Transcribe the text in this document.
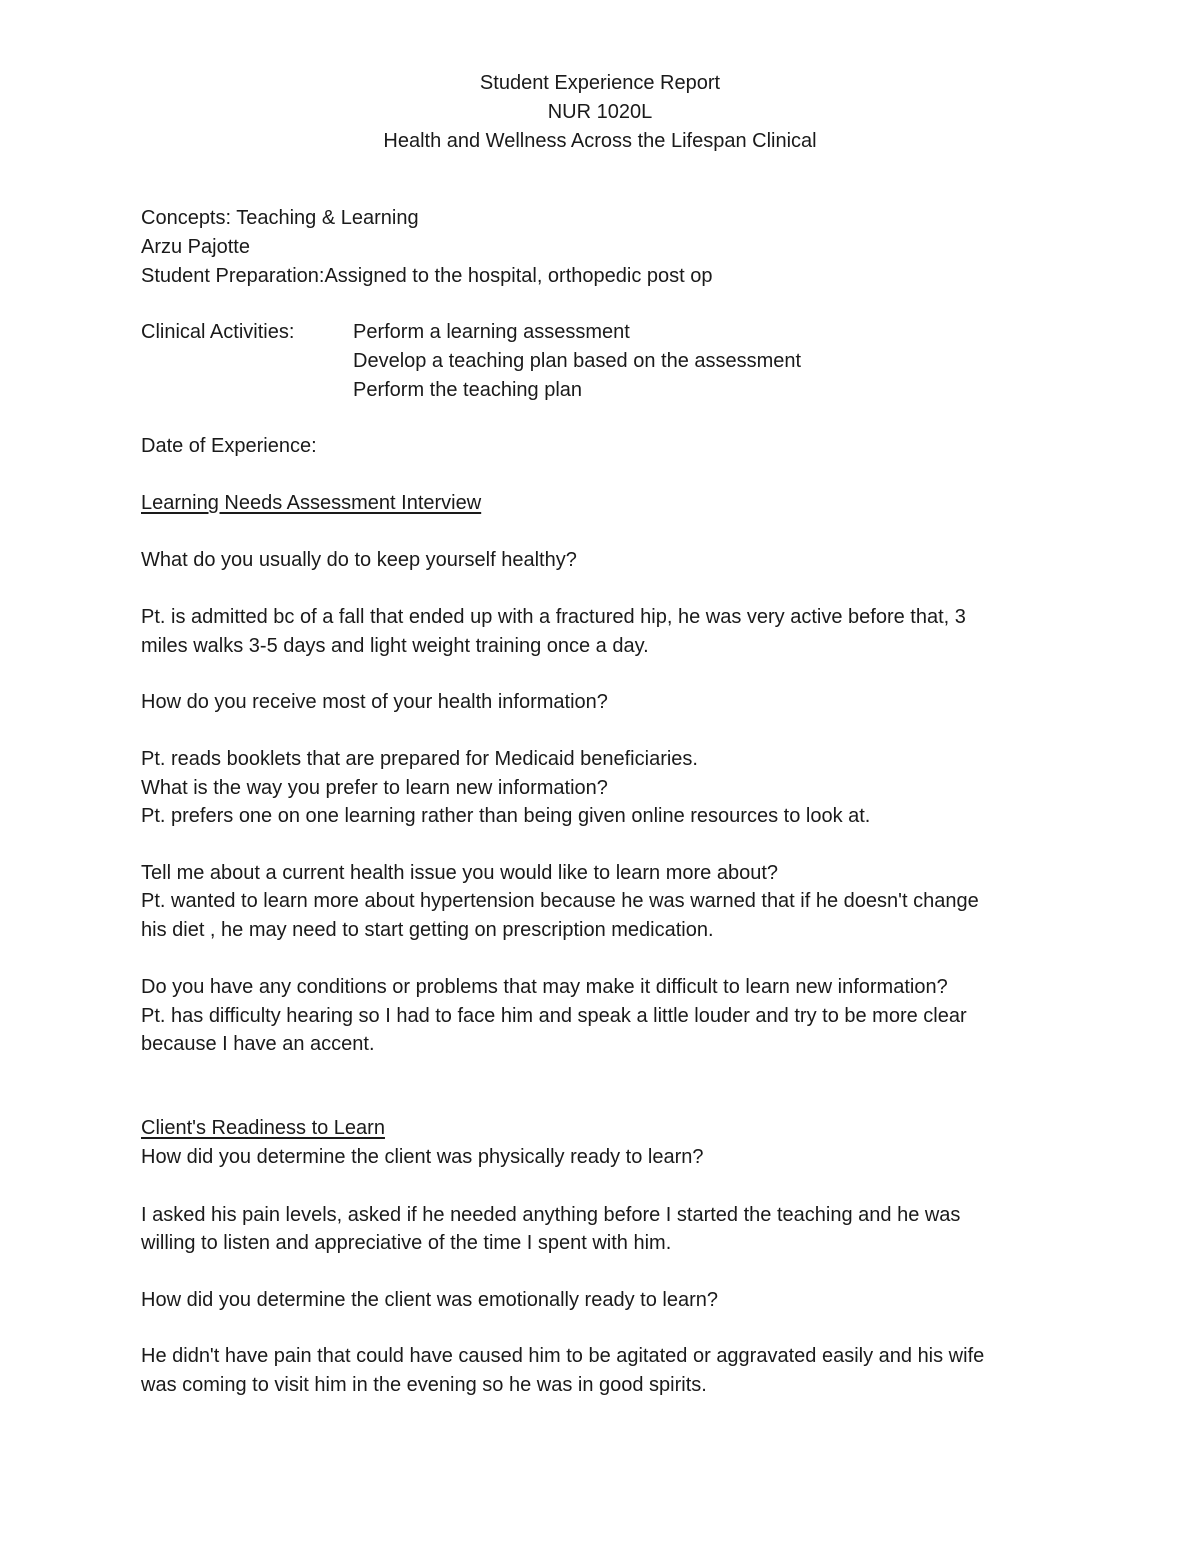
Student Experience Report
NUR 1020L
Health and Wellness Across the Lifespan Clinical
Concepts: Teaching & Learning
Arzu Pajotte
Student Preparation:Assigned to the hospital, orthopedic post op
Clinical Activities:	Perform a learning assessment
Develop a teaching plan based on the assessment
Perform the teaching plan
Date of Experience:
Learning Needs Assessment Interview
What do you usually do to keep yourself healthy?
Pt. is admitted bc of a fall that ended up with a fractured hip, he was very active before that, 3
miles walks 3-5 days and light weight training once a day.
How do you receive most of your health information?
Pt. reads booklets that are prepared for Medicaid beneficiaries.
What is the way you prefer to learn new information?
Pt. prefers one on one learning rather than being given online resources to look at.
Tell me about a current health issue you would like to learn more about?
Pt. wanted to learn more about hypertension because he was warned that if he doesn't change
his diet , he may need to start getting on prescription medication.
Do you have any conditions or problems that may make it difficult to learn new information?
Pt. has difficulty hearing so I had to face him and speak a little louder and try to be more clear
because I have an accent.
Client's Readiness to Learn
How did you determine the client was physically ready to learn?
I asked his pain levels, asked if he needed anything before I started the teaching and he was
willing to listen and appreciative of the time I spent with him.
How did you determine the client was emotionally ready to learn?
He didn't have pain that could have caused him to be agitated or aggravated easily and his wife
was coming to visit him in the evening so he was in good spirits.
